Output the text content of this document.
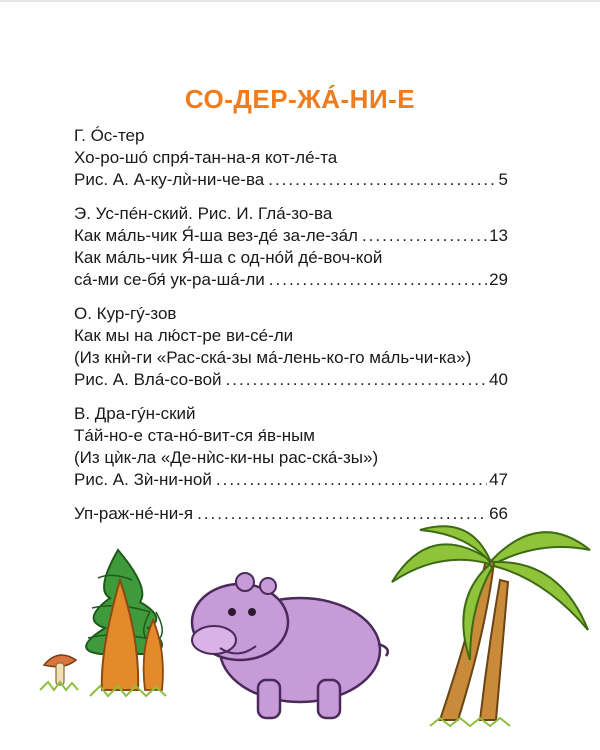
СО-ДЕР-ЖÁ-НИ-Е
Г. Óс-тер
Хо-ро-шó спря́-тан-на-я кот-лé-та
Рис. А. А-ку-лѝ-ни-че-ва .....	5
Э. Ус-пéн-ский. Рис. И. Глá-зо-ва
Как мáль-чик Я́-ша вез-дé за-ле-зáл .....	13
Как мáль-чик Я́-ша с од-нóй дé-воч-кой
сá-ми се-бя́ ук-ра-шá-ли .....	29
О. Кур-гý-зов
Как мы на лю́ст-ре ви-сé-ли
(Из кнѝ-ги «Рас-скá-зы мá-лень-ко-го мáль-чи-ка»)
Рис. А. Влá-со-вой .....	40
В. Дра-гýн-ский
Тáй-но-е ста-нó-вит-ся я́в-ным
(Из цѝк-ла «Де-нѝс-ки-ны рас-скá-зы»)
Рис. А. Зѝ-ни-ной .....	47
Уп-раж-нé-ни-я .....	66
